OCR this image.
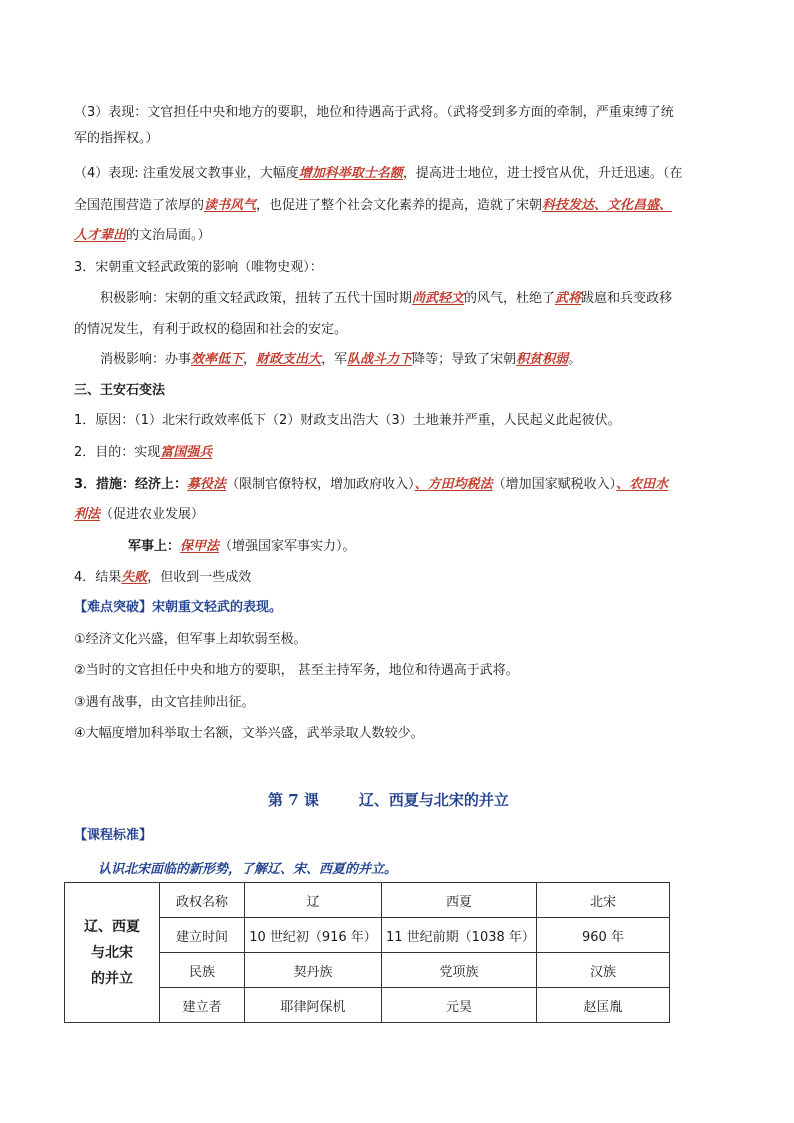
（3）表现：文官担任中央和地方的要职，地位和待遇高于武将。（武将受到多方面的牵制，严重束缚了统
军的指挥权。）
（4）表现: 注重发展文教事业，大幅度增加科举取士名额，提高进士地位，进士授官从优，升迁迅速。（在
全国范围营造了浓厚的读书风气，也促进了整个社会文化素养的提高，造就了宋朝科技发达、文化昌盛、
人才辈出的文治局面。）
3．宋朝重文轻武政策的影响（唯物史观）：
积极影响：宋朝的重文轻武政策，扭转了五代十国时期尚武轻文的风气，杜绝了武将跋扈和兵变政移
的情况发生，有利于政权的稳固和社会的安定。
消极影响：办事效率低下，财政支出大，军队战斗力下降等；导致了宋朝积贫积弱。
三、王安石变法
1．原因：（1）北宋行政效率低下（2）财政支出浩大（3）土地兼并严重，人民起义此起彼伏。
2．目的：实现富国强兵
3．措施：经济上：募役法（限制官僚特权，增加政府收入）、方田均税法（增加国家赋税收入）、农田水
利法（促进农业发展）
军事上：保甲法（增强国家军事实力）。
4．结果失败，但收到一些成效
【难点突破】宋朝重文轻武的表现。
①经济文化兴盛，但军事上却软弱至极。
②当时的文官担任中央和地方的要职， 甚至主持军务，地位和待遇高于武将。
③遇有战事，由文官挂帅出征。
④大幅度增加科举取士名额，文举兴盛，武举录取人数较少。
第 7 课	辽、西夏与北宋的并立
【课程标准】
认识北宋面临的新形势，了解辽、宋、西夏的并立。
辽、西夏
与北宋
的并立	政权名称	辽	西夏	北宋
	建立时间	10 世纪初（916 年）	11 世纪前期（1038 年）	960 年
	民族	契丹族	党项族	汉族
	建立者	耶律阿保机	元昊	赵匡胤
